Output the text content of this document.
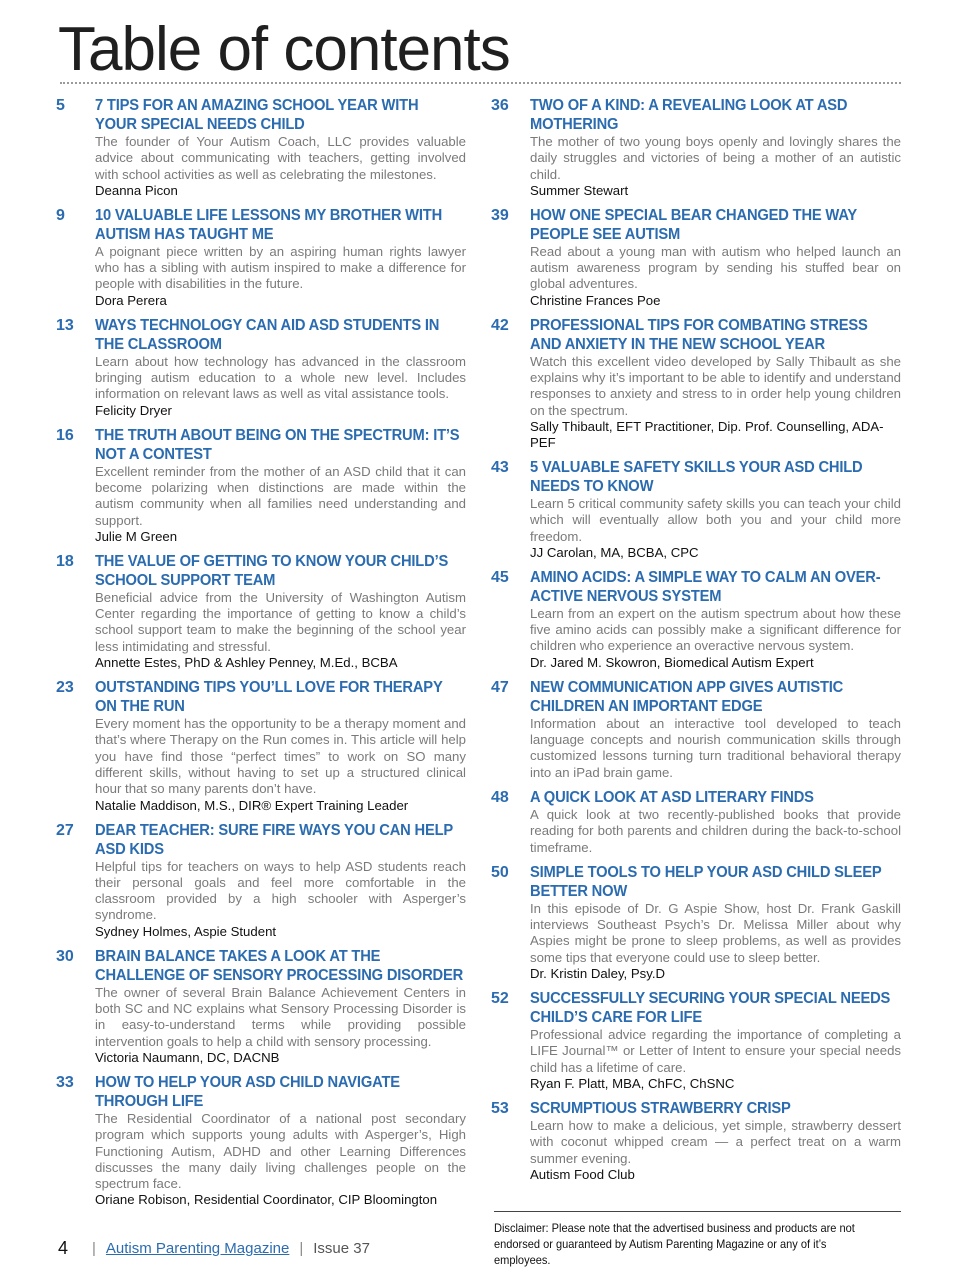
Table of contents
5	7 TIPS FOR AN AMAZING SCHOOL YEAR WITH YOUR SPECIAL NEEDS CHILD
The founder of Your Autism Coach, LLC provides valuable advice about communicating with teachers, getting involved with school activities as well as celebrating the milestones.
Deanna Picon
9	10 VALUABLE LIFE LESSONS MY BROTHER WITH AUTISM HAS TAUGHT ME
A poignant piece written by an aspiring human rights lawyer who has a sibling with autism inspired to make a difference for people with disabilities in the future.
Dora Perera
13	WAYS TECHNOLOGY CAN AID ASD STUDENTS IN THE CLASSROOM
Learn about how technology has advanced in the classroom bringing autism education to a whole new level. Includes information on relevant laws as well as vital assistance tools.
Felicity Dryer
16	THE TRUTH ABOUT BEING ON THE SPECTRUM: IT’S NOT A CONTEST
Excellent reminder from the mother of an ASD child that it can become polarizing when distinctions are made within the autism community when all families need understanding and support.
Julie M Green
18	THE VALUE OF GETTING TO KNOW YOUR CHILD’S SCHOOL SUPPORT TEAM
Beneficial advice from the University of Washington Autism Center regarding the importance of getting to know a child’s school support team to make the beginning of the school year less intimidating and stressful.
Annette Estes, PhD & Ashley Penney, M.Ed., BCBA
23	OUTSTANDING TIPS YOU’LL LOVE FOR THERAPY ON THE RUN
Every moment has the opportunity to be a therapy moment and that’s where Therapy on the Run comes in. This article will help you have find those “perfect times” to work on SO many different skills, without having to set up a structured clinical hour that so many parents don’t have.
Natalie Maddison, M.S., DIR® Expert Training Leader
27	DEAR TEACHER: SURE FIRE WAYS YOU CAN HELP ASD KIDS
Helpful tips for teachers on ways to help ASD students reach their personal goals and feel more comfortable in the classroom provided by a high schooler with Asperger’s syndrome.
Sydney Holmes, Aspie Student
30	BRAIN BALANCE TAKES A LOOK AT THE CHALLENGE OF SENSORY PROCESSING DISORDER
The owner of several Brain Balance Achievement Centers in both SC and NC explains what Sensory Processing Disorder is in easy-to-understand terms while providing possible intervention goals to help a child with sensory processing.
Victoria Naumann, DC, DACNB
33	HOW TO HELP YOUR ASD CHILD NAVIGATE THROUGH LIFE
The Residential Coordinator of a national post secondary program which supports young adults with Asperger’s, High Functioning Autism, ADHD and other Learning Differences discusses the many daily living challenges people on the spectrum face.
Oriane Robison, Residential Coordinator, CIP Bloomington
36	TWO OF A KIND: A REVEALING LOOK AT ASD MOTHERING
The mother of two young boys openly and lovingly shares the daily struggles and victories of being a mother of an autistic child.
Summer Stewart
39	HOW ONE SPECIAL BEAR CHANGED THE WAY PEOPLE SEE AUTISM
Read about a young man with autism who helped launch an autism awareness program by sending his stuffed bear on global adventures.
Christine Frances Poe
42	PROFESSIONAL TIPS FOR COMBATING STRESS AND ANXIETY IN THE NEW SCHOOL YEAR
Watch this excellent video developed by Sally Thibault as she explains why it’s important to be able to identify and understand responses to anxiety and stress to in order help young children on the spectrum.
Sally Thibault, EFT Practitioner, Dip. Prof. Counselling, ADA-PEF
43	5 VALUABLE SAFETY SKILLS YOUR ASD CHILD NEEDS TO KNOW
Learn 5 critical community safety skills you can teach your child which will eventually allow both you and your child more freedom.
JJ Carolan, MA, BCBA, CPC
45	AMINO ACIDS: A SIMPLE WAY TO CALM AN OVER-ACTIVE NERVOUS SYSTEM
Learn from an expert on the autism spectrum about how these five amino acids can possibly make a significant difference for children who experience an overactive nervous system.
Dr. Jared M. Skowron, Biomedical Autism Expert
47	NEW COMMUNICATION APP GIVES AUTISTIC CHILDREN AN IMPORTANT EDGE
Information about an interactive tool developed to teach language concepts and nourish communication skills through customized lessons turning turn traditional behavioral therapy into an iPad brain game.
48	A QUICK LOOK AT ASD LITERARY FINDS
A quick look at two recently-published books that provide reading for both parents and children during the back-to-school timeframe.
50	SIMPLE TOOLS TO HELP YOUR ASD CHILD SLEEP BETTER NOW
In this episode of Dr. G Aspie Show, host Dr. Frank Gaskill interviews Southeast Psych’s Dr. Melissa Miller about why Aspies might be prone to sleep problems, as well as provides some tips that everyone could use to sleep better.
Dr. Kristin Daley, Psy.D
52	SUCCESSFULLY SECURING YOUR SPECIAL NEEDS CHILD’S CARE FOR LIFE
Professional advice regarding the importance of completing a LIFE Journal™ or Letter of Intent to ensure your special needs child has a lifetime of care.
Ryan F. Platt, MBA, ChFC, ChSNC
53	SCRUMPTIOUS STRAWBERRY CRISP
Learn how to make a delicious, yet simple, strawberry dessert with coconut whipped cream — a perfect treat on a warm summer evening.
Autism Food Club
Disclaimer: Please note that the advertised business and products are not endorsed or guaranteed by Autism Parenting Magazine or any of it’s employees.
4 | Autism Parenting Magazine | Issue 37
